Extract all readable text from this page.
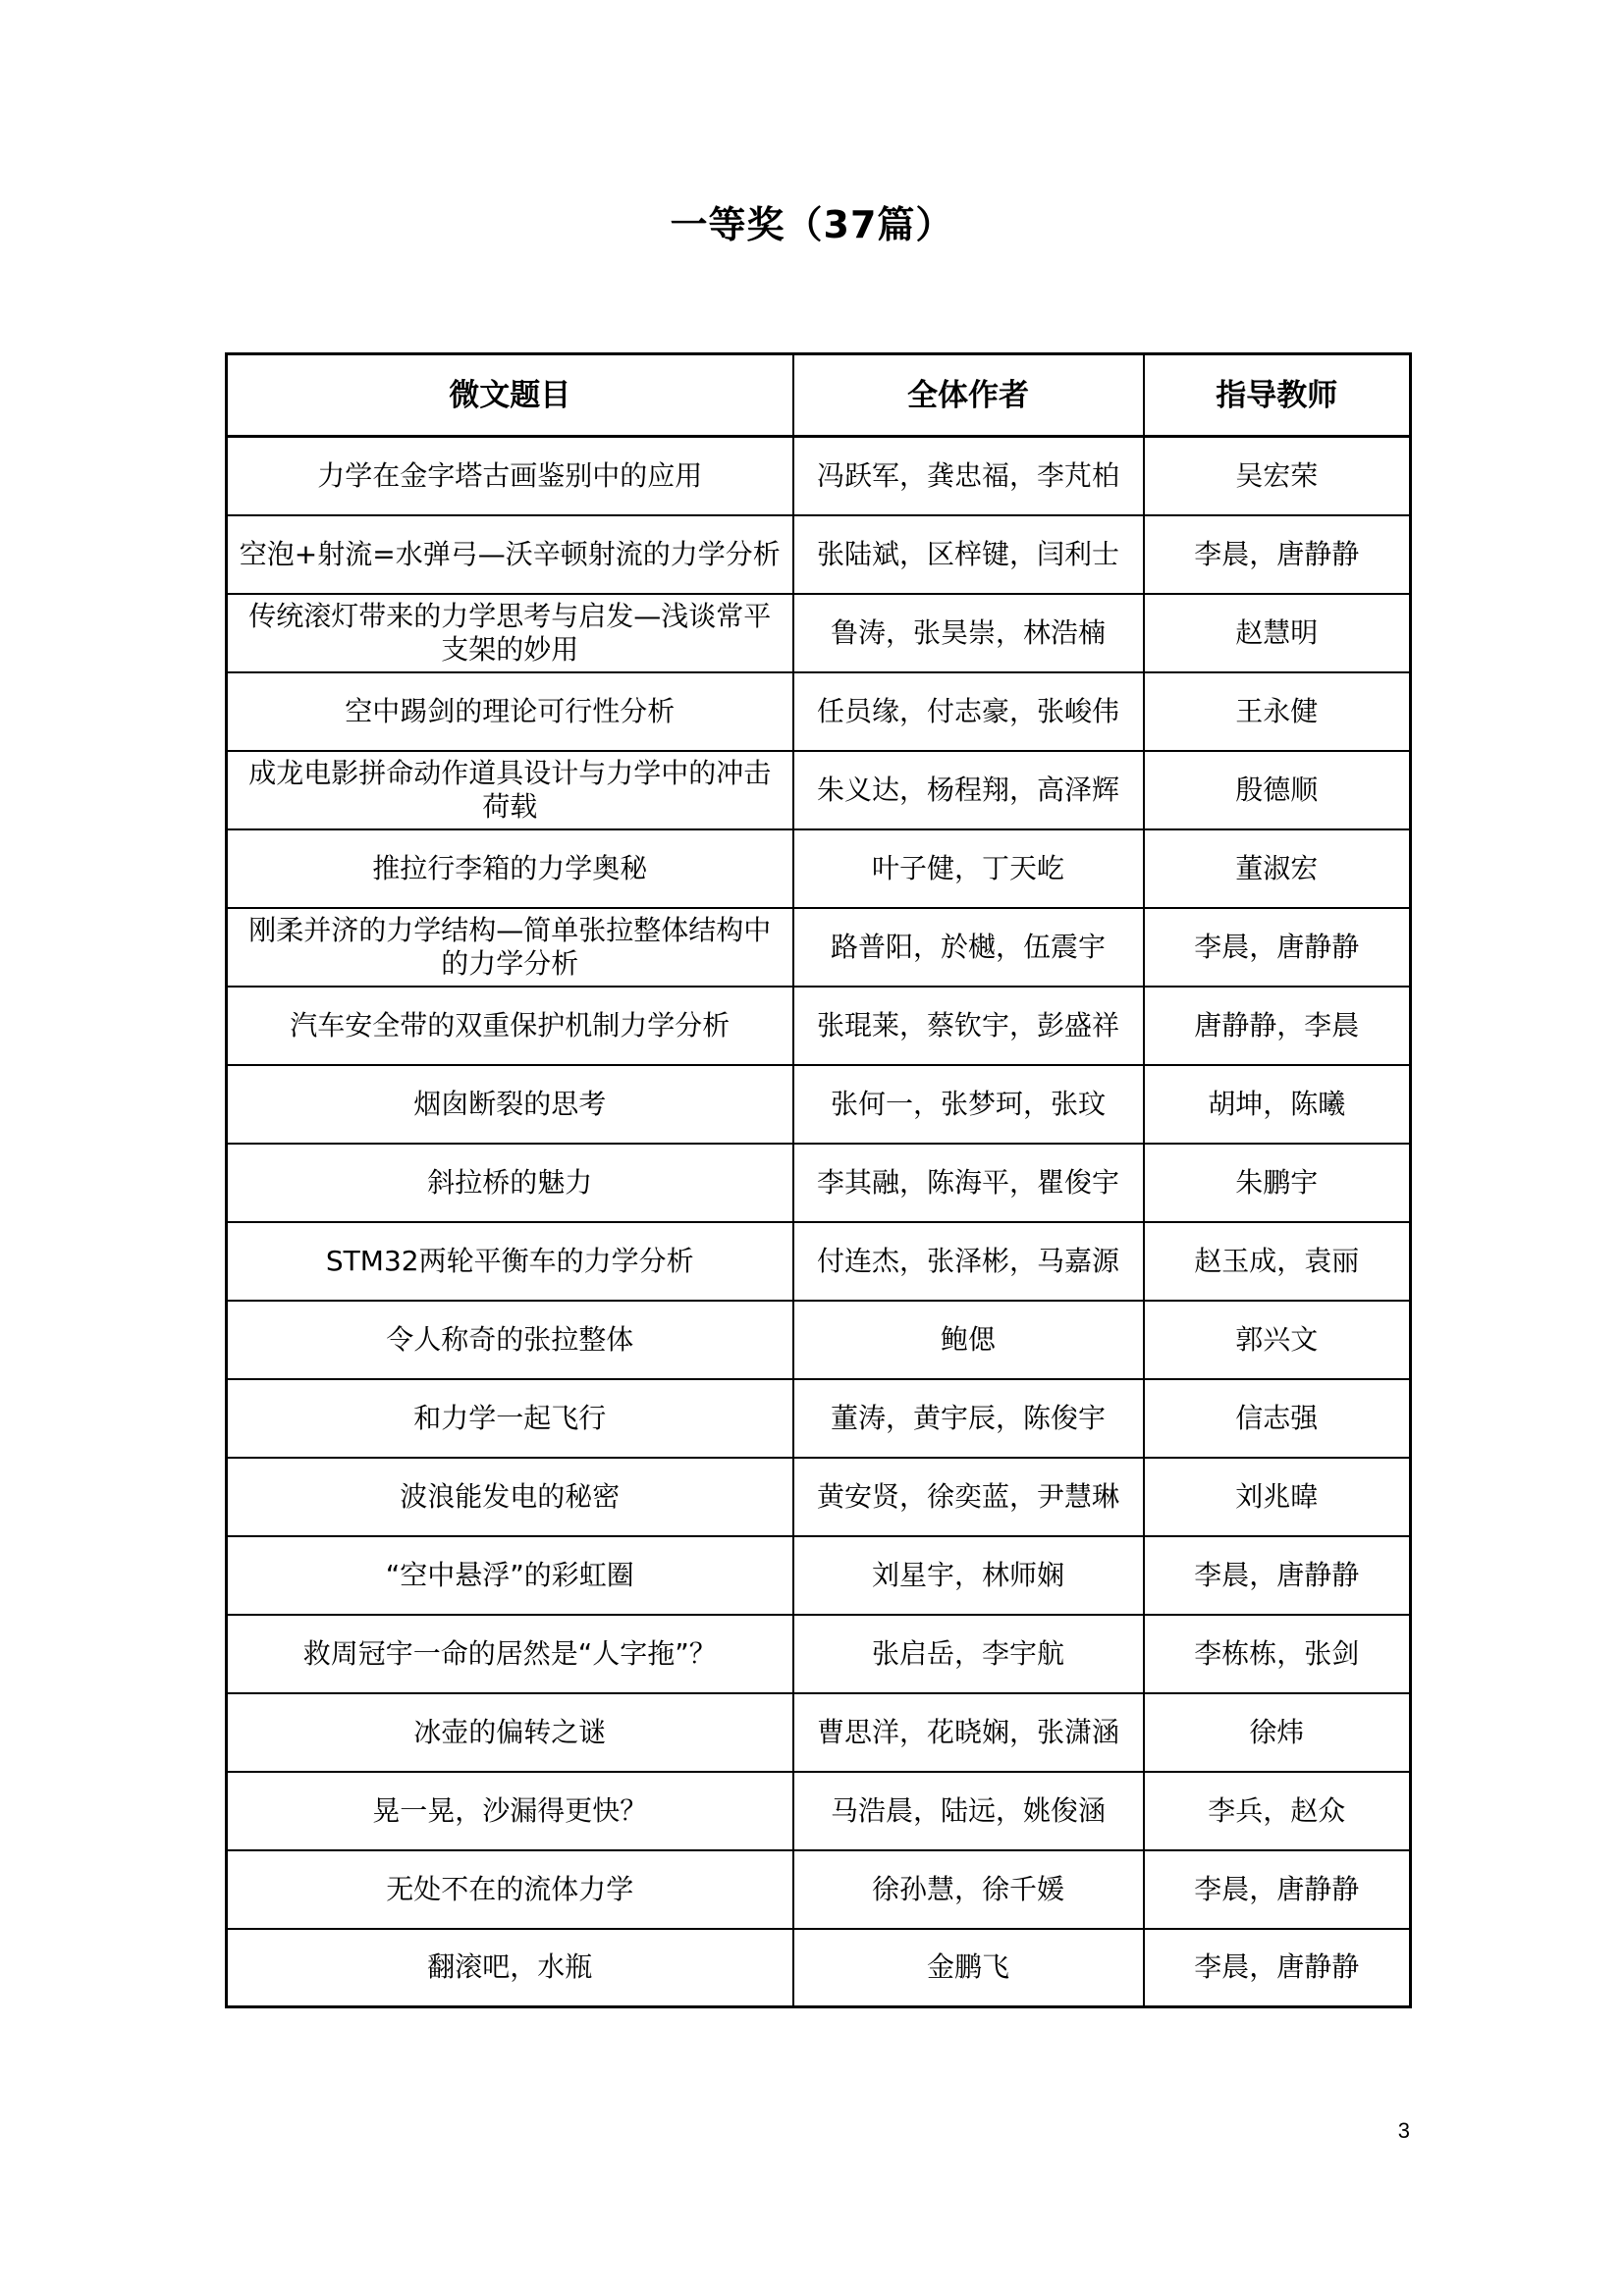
一等奖（37篇）
微文题目	全体作者	指导教师
力学在金字塔古画鉴别中的应用	冯跃军，龚忠福，李芃柏	吴宏荣
空泡+射流=水弹弓—沃辛顿射流的力学分析	张陆斌，区梓键，闫利士	李晨，唐静静
传统滚灯带来的力学思考与启发—浅谈常平支架的妙用	鲁涛，张昊崇，林浩楠	赵慧明
空中踢剑的理论可行性分析	任员缘，付志豪，张峻伟	王永健
成龙电影拼命动作道具设计与力学中的冲击荷载	朱义达，杨程翔，高泽辉	殷德顺
推拉行李箱的力学奥秘	叶子健，丁天屹	董淑宏
刚柔并济的力学结构—简单张拉整体结构中的力学分析	路普阳，於樾，伍震宇	李晨，唐静静
汽车安全带的双重保护机制力学分析	张琨莱，蔡钦宇，彭盛祥	唐静静，李晨
烟囱断裂的思考	张何一，张梦珂，张玟	胡坤，陈曦
斜拉桥的魅力	李其融，陈海平，瞿俊宇	朱鹏宇
STM32两轮平衡车的力学分析	付连杰，张泽彬，马嘉源	赵玉成，袁丽
令人称奇的张拉整体	鲍偲	郭兴文
和力学一起飞行	董涛，黄宇辰，陈俊宇	信志强
波浪能发电的秘密	黄安贤，徐奕蓝，尹慧琳	刘兆暐
“空中悬浮”的彩虹圈	刘星宇，林师娴	李晨，唐静静
救周冠宇一命的居然是“人字拖”？	张启岳，李宇航	李栋栋，张剑
冰壶的偏转之谜	曹思洋，花晓娴，张潇涵	徐炜
晃一晃，沙漏得更快？	马浩晨，陆远，姚俊涵	李兵，赵众
无处不在的流体力学	徐孙慧，徐千媛	李晨，唐静静
翻滚吧，水瓶	金鹏飞	李晨，唐静静
3
